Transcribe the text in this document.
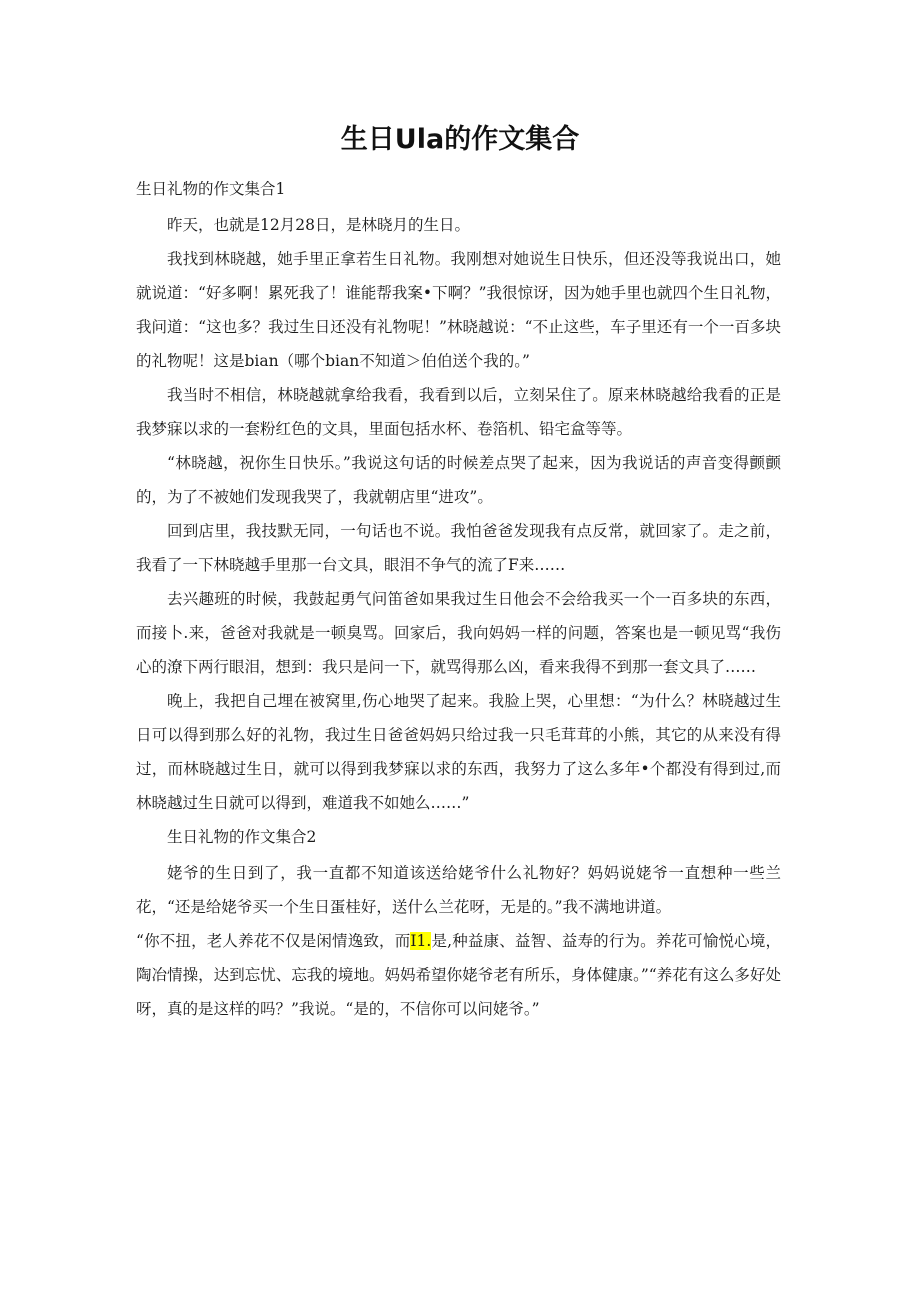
生日Ula的作文集合

生日礼物的作文集合1

昨天，也就是12月28日，是林晓月的生日。

我找到林晓越，她手里正拿若生日礼物。我刚想对她说生日快乐，但还没等我说出口，她就说道：“好多啊！累死我了！谁能帮我案•下啊？”我很惊讶，因为她手里也就四个生日礼物，我问道：“这也多？我过生日还没有礼物呢！”林晓越说：“不止这些，车子里还有一个一百多块的礼物呢！这是bian（哪个bian不知道＞伯伯送个我的。”

我当时不相信，林晓越就拿给我看，我看到以后，立刻呆住了。原来林晓越给我看的正是我梦寐以求的一套粉红色的文具，里面包括水杯、卷箔机、铅宅盒等等。

“林晓越，祝你生日快乐。”我说这句话的时候差点哭了起来，因为我说话的声音变得颤颤的，为了不被她们发现我哭了，我就朝店里“进攻”。

回到店里，我技默无同，一句话也不说。我怕爸爸发现我有点反常，就回家了。走之前，我看了一下林晓越手里那一台文具，眼泪不争气的流了F来……

去兴趣班的时候，我鼓起勇气问笛爸如果我过生日他会不会给我买一个一百多块的东西，而接卜.来，爸爸对我就是一顿臭骂。回家后，我向妈妈一样的问题，答案也是一顿见骂“我伤心的潦下两行眼泪，想到：我只是问一下，就骂得那么凶，看来我得不到那一套文具了……

晚上，我把自己埋在被窝里,伤心地哭了起来。我脸上哭，心里想：“为什么？林晓越过生日可以得到那么好的礼物，我过生日爸爸妈妈只给过我一只毛茸茸的小熊，其它的从来没有得过，而林晓越过生日，就可以得到我梦寐以求的东西，我努力了这么多年•个都没有得到过,而林晓越过生日就可以得到，难道我不如她么……”

生日礼物的作文集合2

姥爷的生日到了，我一直都不知道该送给姥爷什么礼物好？妈妈说姥爷一直想种一些兰花，“还是给姥爷买一个生日蛋桂好，送什么兰花呀，无是的。”我不满地讲道。

“你不扭，老人养花不仅是闲情逸致，而I1.是,种益康、益智、益寿的行为。养花可愉悦心境，陶冶情操，达到忘忧、忘我的境地。妈妈希望你姥爷老有所乐，身体健康。”“养花有这么多好处呀，真的是这样的吗？”我说。“是的，不信你可以问姥爷。”
